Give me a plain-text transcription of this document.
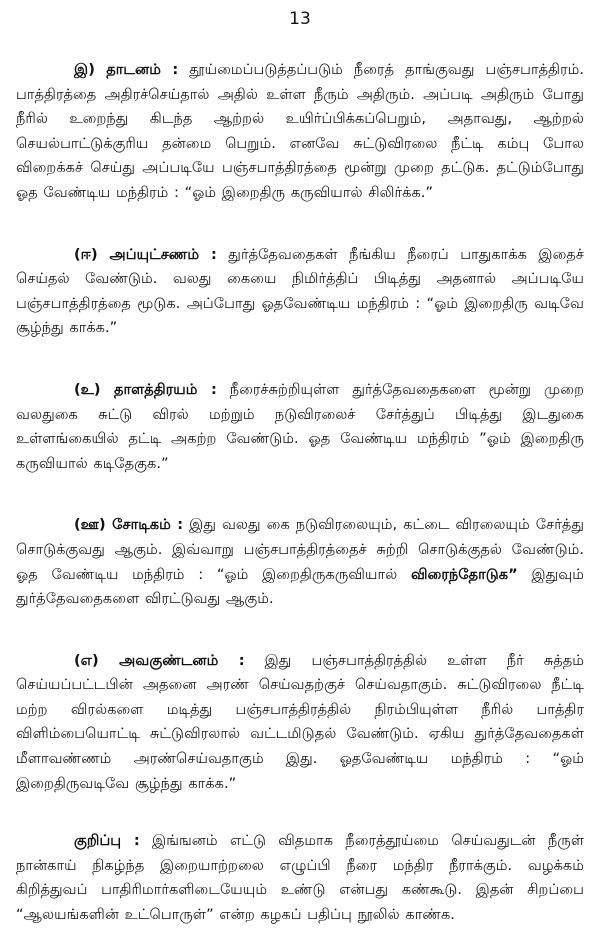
13

இ) தாடனம் : தூய்மைப்படுத்தப்படும் நீரைத் தாங்குவது பஞ்சபாத்திரம். பாத்திரத்தை அதிரச்செய்தால் அதில் உள்ள நீரும் அதிரும். அப்படி அதிரும் போது நீரில் உறைந்து கிடந்த ஆற்றல் உயிர்ப்பிக்கப்பெறும், அதாவது, ஆற்றல் செயல்பாட்டுக்குரிய தன்மை பெறும். எனவே சுட்டுவிரலை நீட்டி கம்பு போல விறைக்கச் செய்து அப்படியே பஞ்சபாத்திரத்தை மூன்று முறை தட்டுக. தட்டும்போது ஓத வேண்டிய மந்திரம் : “ஓம் இறைதிரு கருவியால் சிலிர்க்க.”

(ஈ) அப்யுட்சணம் : துர்த்தேவதைகள் நீங்கிய நீரைப் பாதுகாக்க இதைச் செய்தல் வேண்டும். வலது கையை நிமிர்த்திப் பிடித்து அதனால் அப்படியே பஞ்சபாத்திரத்தை மூடுக. அப்போது ஓதவேண்டிய மந்திரம் : “ஓம் இறைதிரு வடிவே சூழ்ந்து காக்க.”

(உ) தாளத்திரயம் : நீரைச்சுற்றியுள்ள துர்த்தேவதைகளை மூன்று முறை வலதுகை சுட்டு விரல் மற்றும் நடுவிரலைச் சேர்த்துப் பிடித்து இடதுகை உள்ளங்கையில் தட்டி அகற்ற வேண்டும். ஓத வேண்டிய மந்திரம் ”ஓம் இறைதிரு கருவியால் கடிதேகுக.”

(ஊ) சோடிகம் : இது வலது கை நடுவிரலையும், கட்டை விரலையும் சேர்த்து சொடுக்குவது ஆகும். இவ்வாறு பஞ்சபாத்திரத்தைச் சுற்றி சொடுக்குதல் வேண்டும். ஓத வேண்டிய மந்திரம் : “ஓம் இறைதிருகருவியால் விரைந்தோடுக” இதுவும் துர்த்தேவதைகளை விரட்டுவது ஆகும்.

(எ) அவகுண்டனம் : இது பஞ்சபாத்திரத்தில் உள்ள நீர் சுத்தம் செய்யப்பட்டபின் அதனை அரண் செய்வதற்குச் செய்வதாகும். சுட்டுவிரலை நீட்டி மற்ற விரல்களை மடித்து பஞ்சபாத்திரத்தில் நிரம்பியுள்ள நீரில் பாத்திர விளிம்பையொட்டி சுட்டுவிரலால் வட்டமிடுதல் வேண்டும். ஏகிய துர்த்தேவதைகள் மீளாவண்ணம் அரண்செய்வதாகும் இது. ஓதவேண்டிய மந்திரம் : “ஓம் இறைதிருவடிவே சூழ்ந்து காக்க.”

குறிப்பு : இங்ஙனம் எட்டு விதமாக நீரைத்தூய்மை செய்வதுடன் நீருள் நான்காய் நிகழ்ந்த இறையாற்றலை எழுப்பி நீரை மந்திர நீராக்கும். வழக்கம் கிறித்துவப் பாதிரிமார்களிடையேயும் உண்டு என்பது கண்கூடு. இதன் சிறப்பை “ஆலயங்களின் உட்பொருள்” என்ற கழகப் பதிப்பு நூலில் காண்க.
